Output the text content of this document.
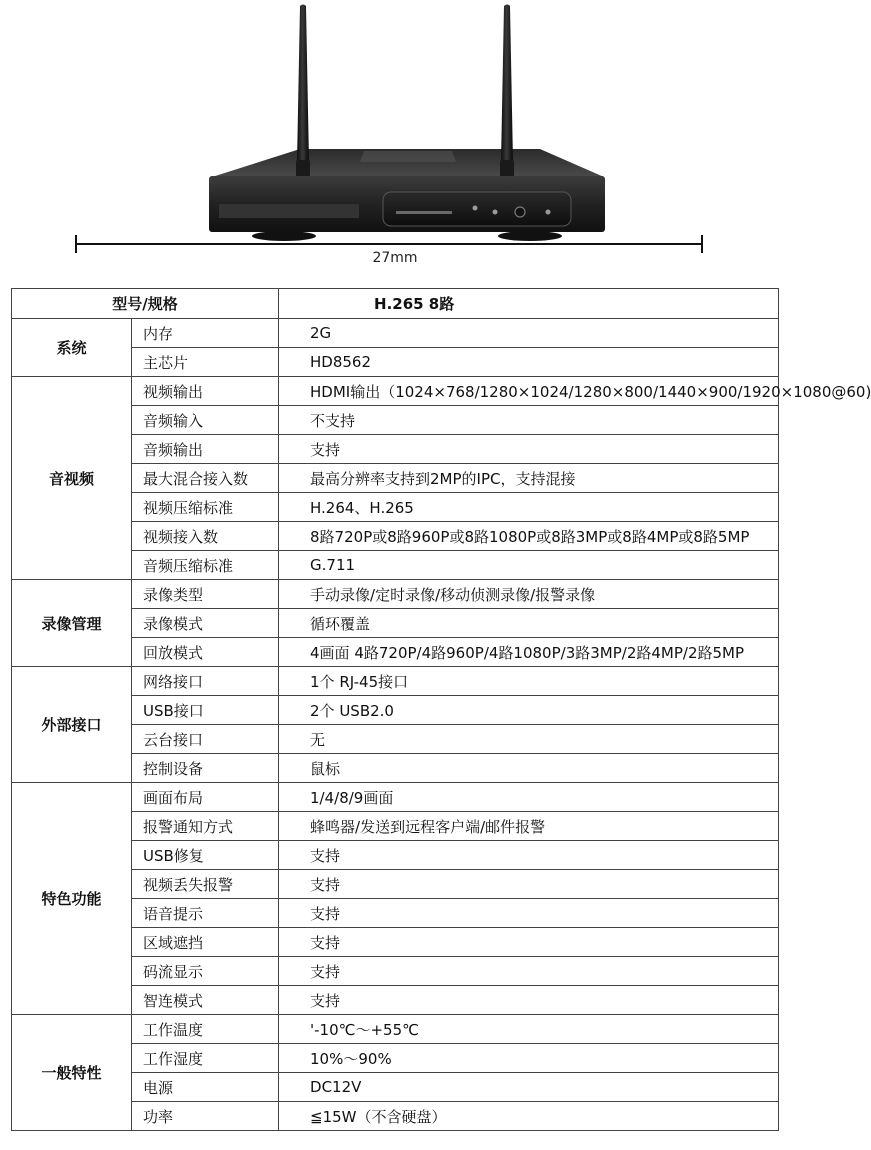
27mm
型号/规格		H.265 8路
系统	内存	2G
	主芯片	HD8562
音视频	视频输出	HDMI输出（1024×768/1280×1024/1280×800/1440×900/1920×1080@60)
	音频输入	不支持
	音频输出	支持
	最大混合接入数	最高分辨率支持到2MP的IPC，支持混接
	视频压缩标准	H.264、H.265
	视频接入数	8路720P或8路960P或8路1080P或8路3MP或8路4MP或8路5MP
	音频压缩标准	G.711
录像管理	录像类型	手动录像/定时录像/移动侦测录像/报警录像
	录像模式	循环覆盖
	回放模式	4画面 4路720P/4路960P/4路1080P/3路3MP/2路4MP/2路5MP
外部接口	网络接口	1个 RJ-45接口
	USB接口	2个 USB2.0
	云台接口	无
	控制设备	鼠标
特色功能	画面布局	1/4/8/9画面
	报警通知方式	蜂鸣器/发送到远程客户端/邮件报警
	USB修复	支持
	视频丢失报警	支持
	语音提示	支持
	区域遮挡	支持
	码流显示	支持
	智连模式	支持
一般特性	工作温度	'-10℃～+55℃
	工作湿度	10%～90%
	电源	DC12V
	功率	≦15W（不含硬盘）
